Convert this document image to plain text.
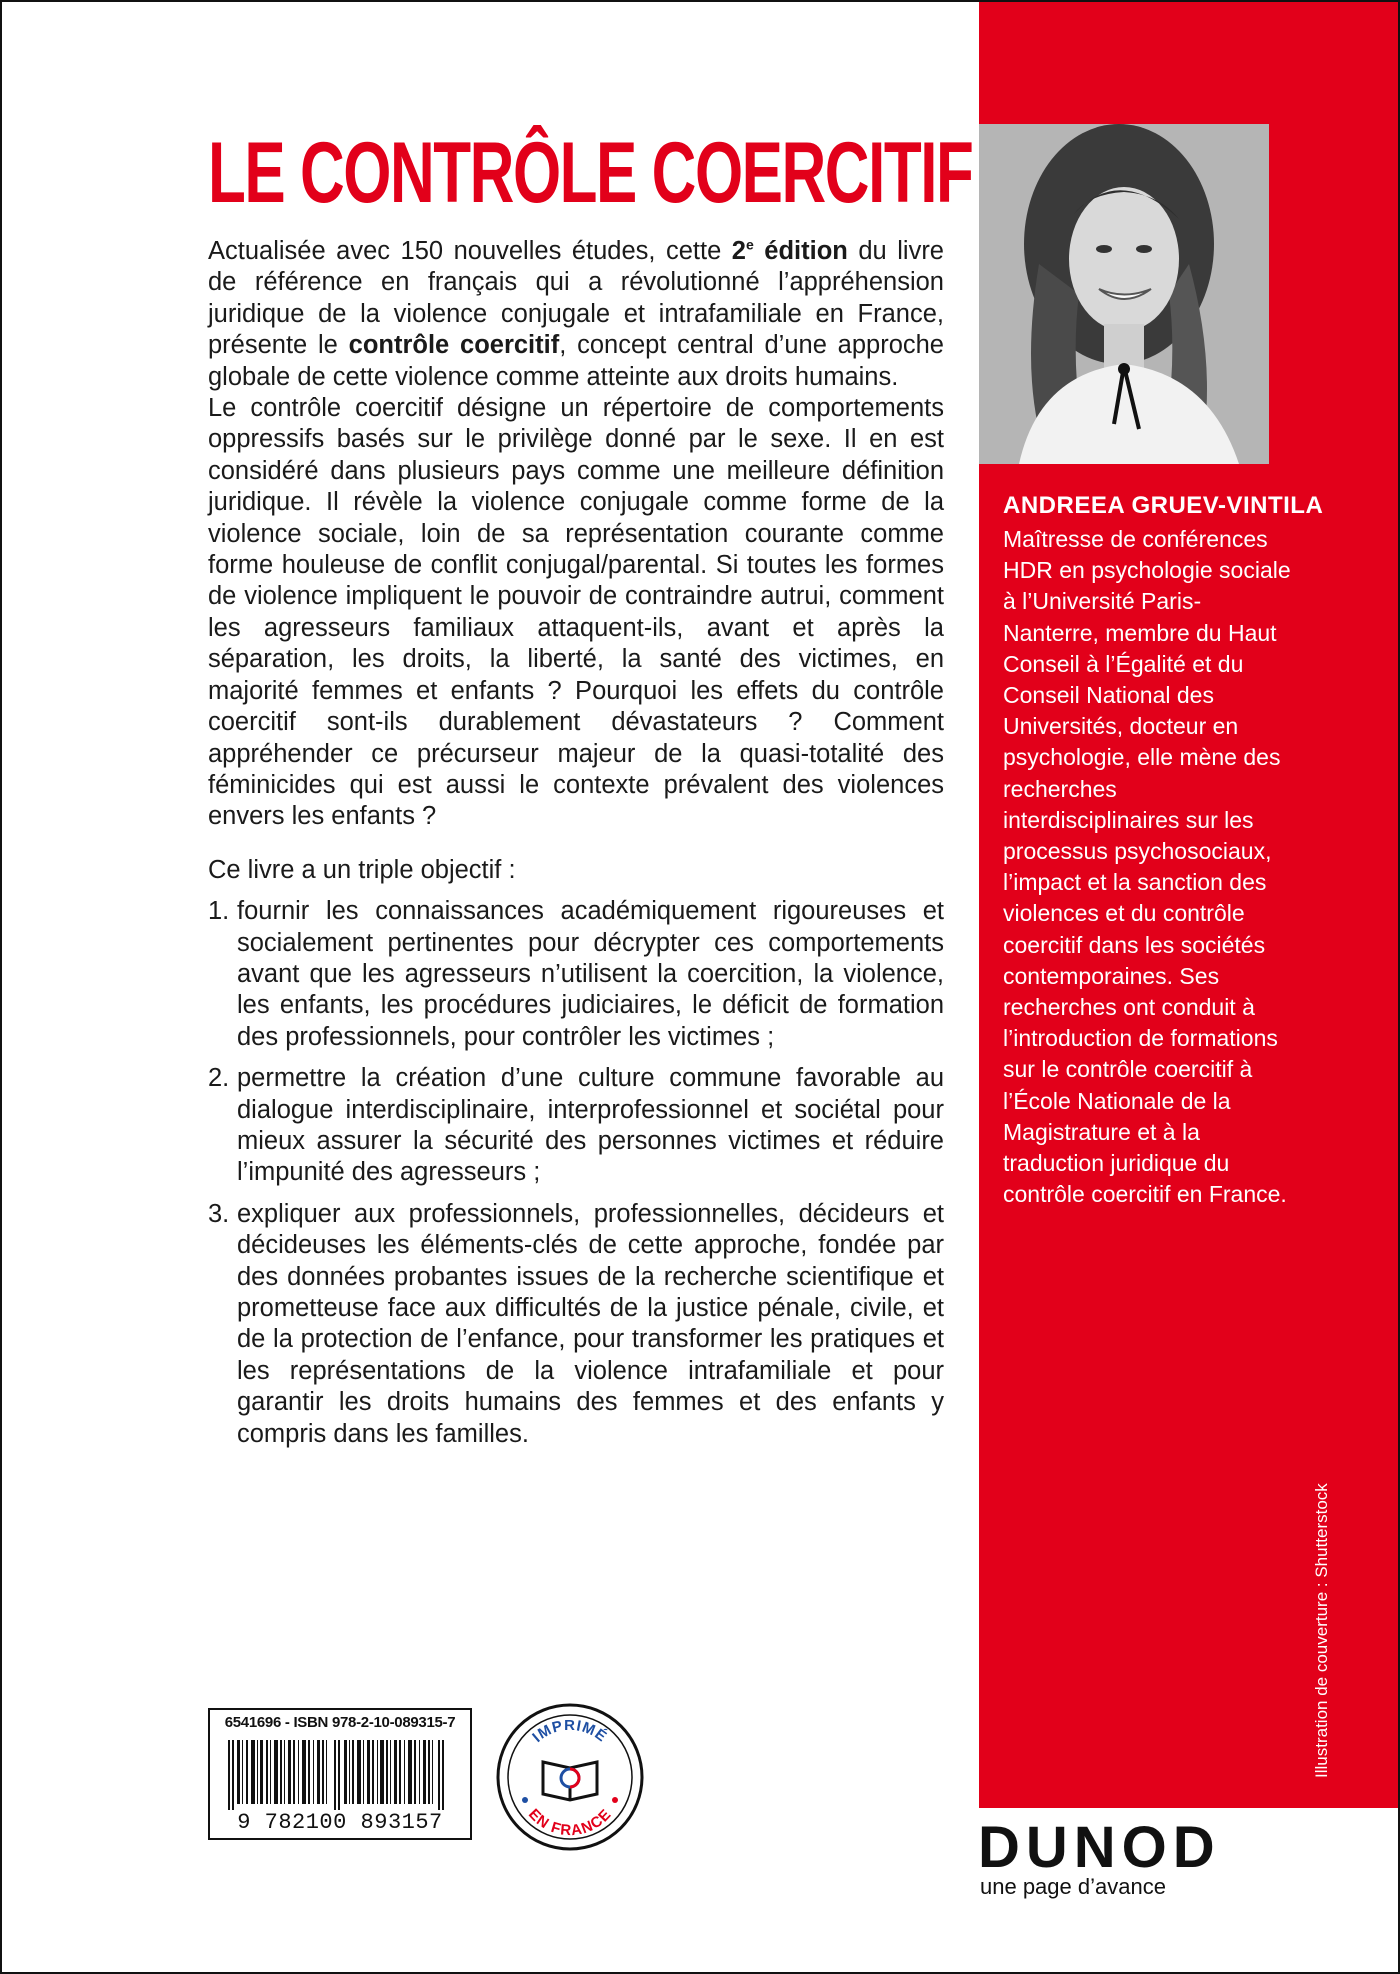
LE CONTRÔLE COERCITIF

Actualisée avec 150 nouvelles études, cette 2e édition du livre de référence en français qui a révolutionné l’appréhension juridique de la violence conjugale et intrafamiliale en France, présente le contrôle coercitif, concept central d’une approche globale de cette violence comme atteinte aux droits humains.

Le contrôle coercitif désigne un répertoire de comportements oppressifs basés sur le privilège donné par le sexe. Il en est considéré dans plusieurs pays comme une meilleure définition juridique. Il révèle la violence conjugale comme forme de la violence sociale, loin de sa représentation courante comme forme houleuse de conflit conjugal/parental. Si toutes les formes de violence impliquent le pouvoir de contraindre autrui, comment les agresseurs familiaux attaquent-ils, avant et après la séparation, les droits, la liberté, la santé des victimes, en majorité femmes et enfants ? Pourquoi les effets du contrôle coercitif sont-ils durablement dévastateurs ? Comment appréhender ce précurseur majeur de la quasi-totalité des féminicides qui est aussi le contexte prévalent des violences envers les enfants ?

Ce livre a un triple objectif :

1. fournir les connaissances académiquement rigoureuses et socialement pertinentes pour décrypter ces comportements avant que les agresseurs n’utilisent la coercition, la violence, les enfants, les procédures judiciaires, le déficit de formation des professionnels, pour contrôler les victimes ;
2. permettre la création d’une culture commune favorable au dialogue interdisciplinaire, interprofessionnel et sociétal pour mieux assurer la sécurité des personnes victimes et réduire l’impunité des agresseurs ;
3. expliquer aux professionnels, professionnelles, décideurs et décideuses les éléments-clés de cette approche, fondée par des données probantes issues de la recherche scientifique et prometteuse face aux difficultés de la justice pénale, civile, et de la protection de l’enfance, pour transformer les pratiques et les représentations de la violence intrafamiliale et pour garantir les droits humains des femmes et des enfants y compris dans les familles.
ANDREEA GRUEV-VINTILA

Maîtresse de conférences HDR en psychologie sociale à l’Université Paris-Nanterre, membre du Haut Conseil à l’Égalité et du Conseil National des Universités, docteur en psychologie, elle mène des recherches interdisciplinaires sur les processus psychosociaux, l’impact et la sanction des violences et du contrôle coercitif dans les sociétés contemporaines. Ses recherches ont conduit à l’introduction de formations sur le contrôle coercitif à l’École Nationale de la Magistrature et à la traduction juridique du contrôle coercitif en France.

Illustration de couverture : Shutterstock
6541696 - ISBN 978-2-10-089315-7
9 782100 893157
IMPRIMÉ
EN FRANCE	DUNOD
une page d’avance
